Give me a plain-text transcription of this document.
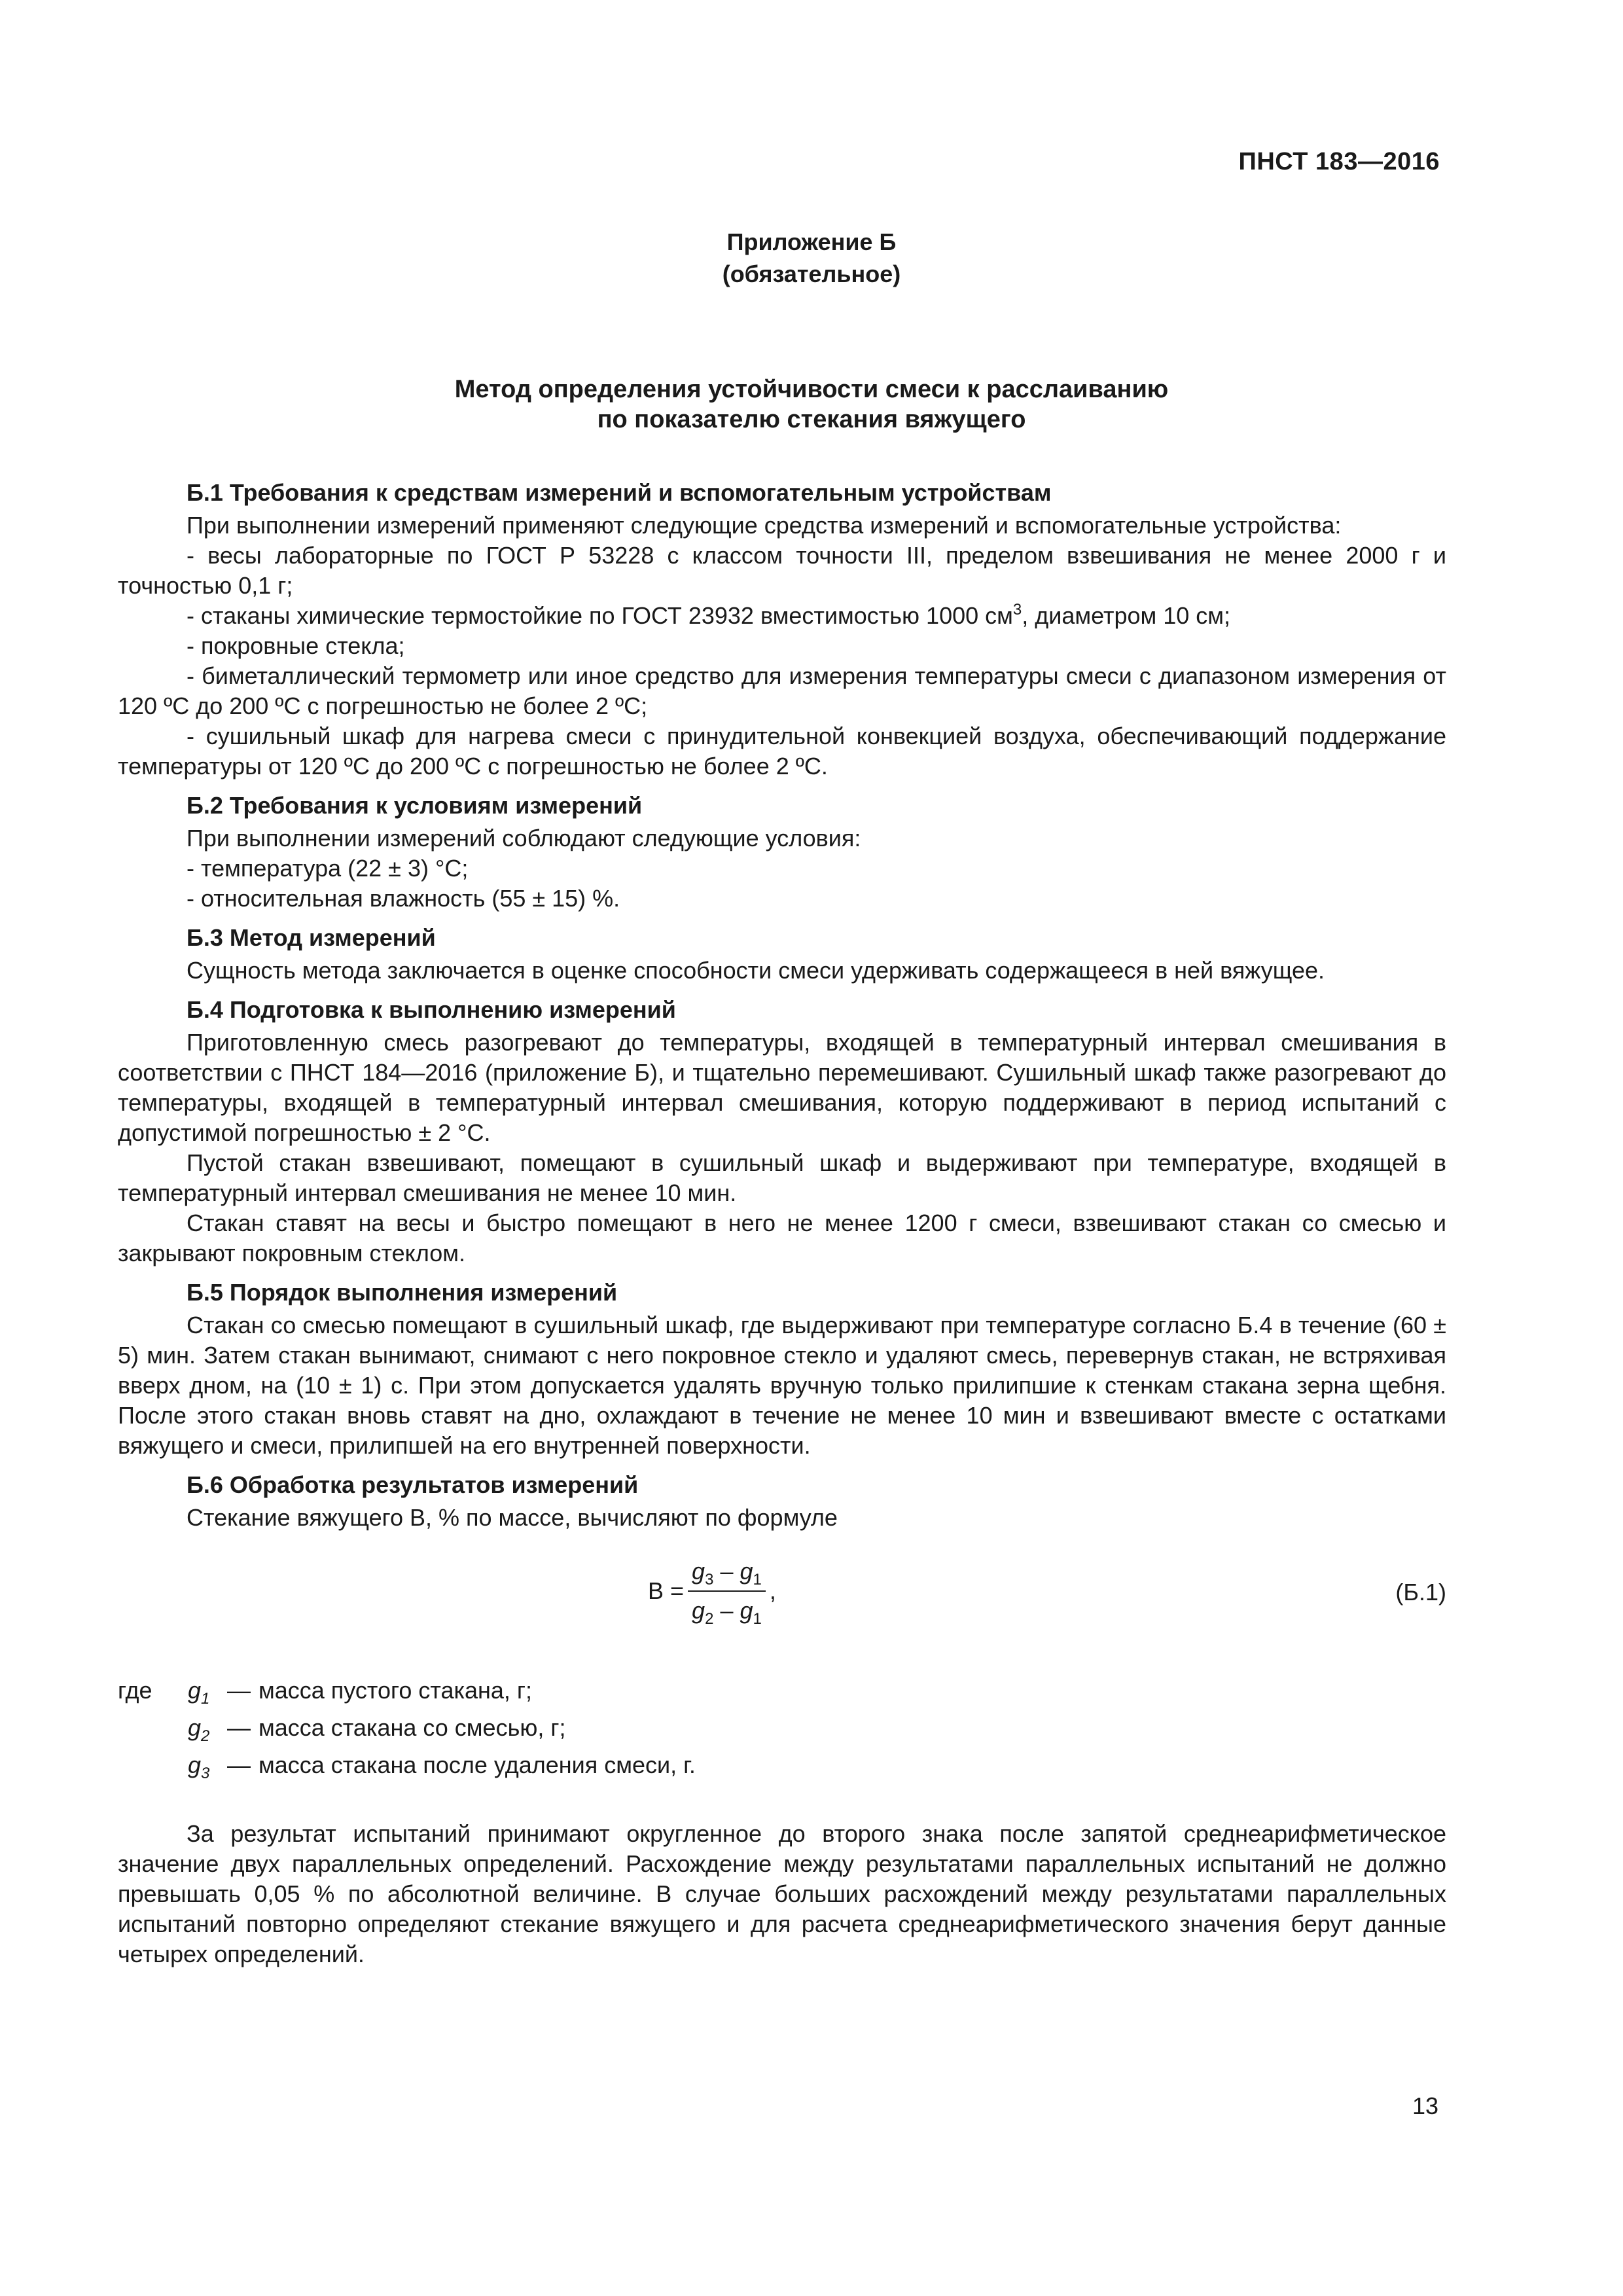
ПНСТ 183—2016
Приложение Б
(обязательное)
Метод определения устойчивости смеси к расслаиванию
по показателю стекания вяжущего
Б.1 Требования к средствам измерений и вспомогательным устройствам

При выполнении измерений применяют следующие средства измерений и вспомогательные устройства:

- весы лабораторные по ГОСТ Р 53228 с классом точности III, пределом взвешивания не менее 2000 г и точностью 0,1 г;

- стаканы химические термостойкие по ГОСТ 23932 вместимостью 1000 $см^3$, диаметром 10 см;

- покровные стекла;

- биметаллический термометр или иное средство для измерения температуры смеси с диапазоном измерения от 120 ºС до 200 ºС с погрешностью не более 2 ºС;

- сушильный шкаф для нагрева смеси с принудительной конвекцией воздуха, обеспечивающий поддержание температуры от 120 ºС до 200 ºС с погрешностью не более 2 ºС.

Б.2 Требования к условиям измерений

При выполнении измерений соблюдают следующие условия:

- температура (22 ± 3) °С;

- относительная влажность (55 ± 15) %.

Б.3 Метод измерений

Сущность метода заключается в оценке способности смеси удерживать содержащееся в ней вяжущее.

Б.4 Подготовка к выполнению измерений

Приготовленную смесь разогревают до температуры, входящей в температурный интервал смешивания в соответствии с ПНСТ 184—2016 (приложение Б), и тщательно перемешивают. Сушильный шкаф также разогревают до температуры, входящей в температурный интервал смешивания, которую поддерживают в период испытаний с допустимой погрешностью ± 2 °С.

Пустой стакан взвешивают, помещают в сушильный шкаф и выдерживают при температуре, входящей в температурный интервал смешивания не менее 10 мин.

Стакан ставят на весы и быстро помещают в него не менее 1200 г смеси, взвешивают стакан со смесью и закрывают покровным стеклом.

Б.5 Порядок выполнения измерений

Стакан со смесью помещают в сушильный шкаф, где выдерживают при температуре согласно Б.4 в течение (60 ± 5) мин. Затем стакан вынимают, снимают с него покровное стекло и удаляют смесь, перевернув стакан, не встряхивая вверх дном, на (10 ± 1) с. При этом допускается удалять вручную только прилипшие к стенкам стакана зерна щебня. После этого стакан вновь ставят на дно, охлаждают в течение не менее 10 мин и взвешивают вместе с остатками вяжущего и смеси, прилипшей на его внутренней поверхности.

Б.6 Обработка результатов измерений

Стекание вяжущего В, % по массе, вычисляют по формуле

$В = \frac{g_3 - g_1}{g_2 - g_1}$ ,	(Б.1)
где	$g_1$ — масса пустого стакана, г;
$g_2$ — масса стакана со смесью, г;
$g_3$ — масса стакана после удаления смеси, г.

За результат испытаний принимают округленное до второго знака после запятой среднеарифметическое значение двух параллельных определений. Расхождение между результатами параллельных испытаний не должно превышать 0,05 % по абсолютной величине. В случае больших расхождений между результатами параллельных испытаний повторно определяют стекание вяжущего и для расчета среднеарифметического значения берут данные четырех определений.

13
